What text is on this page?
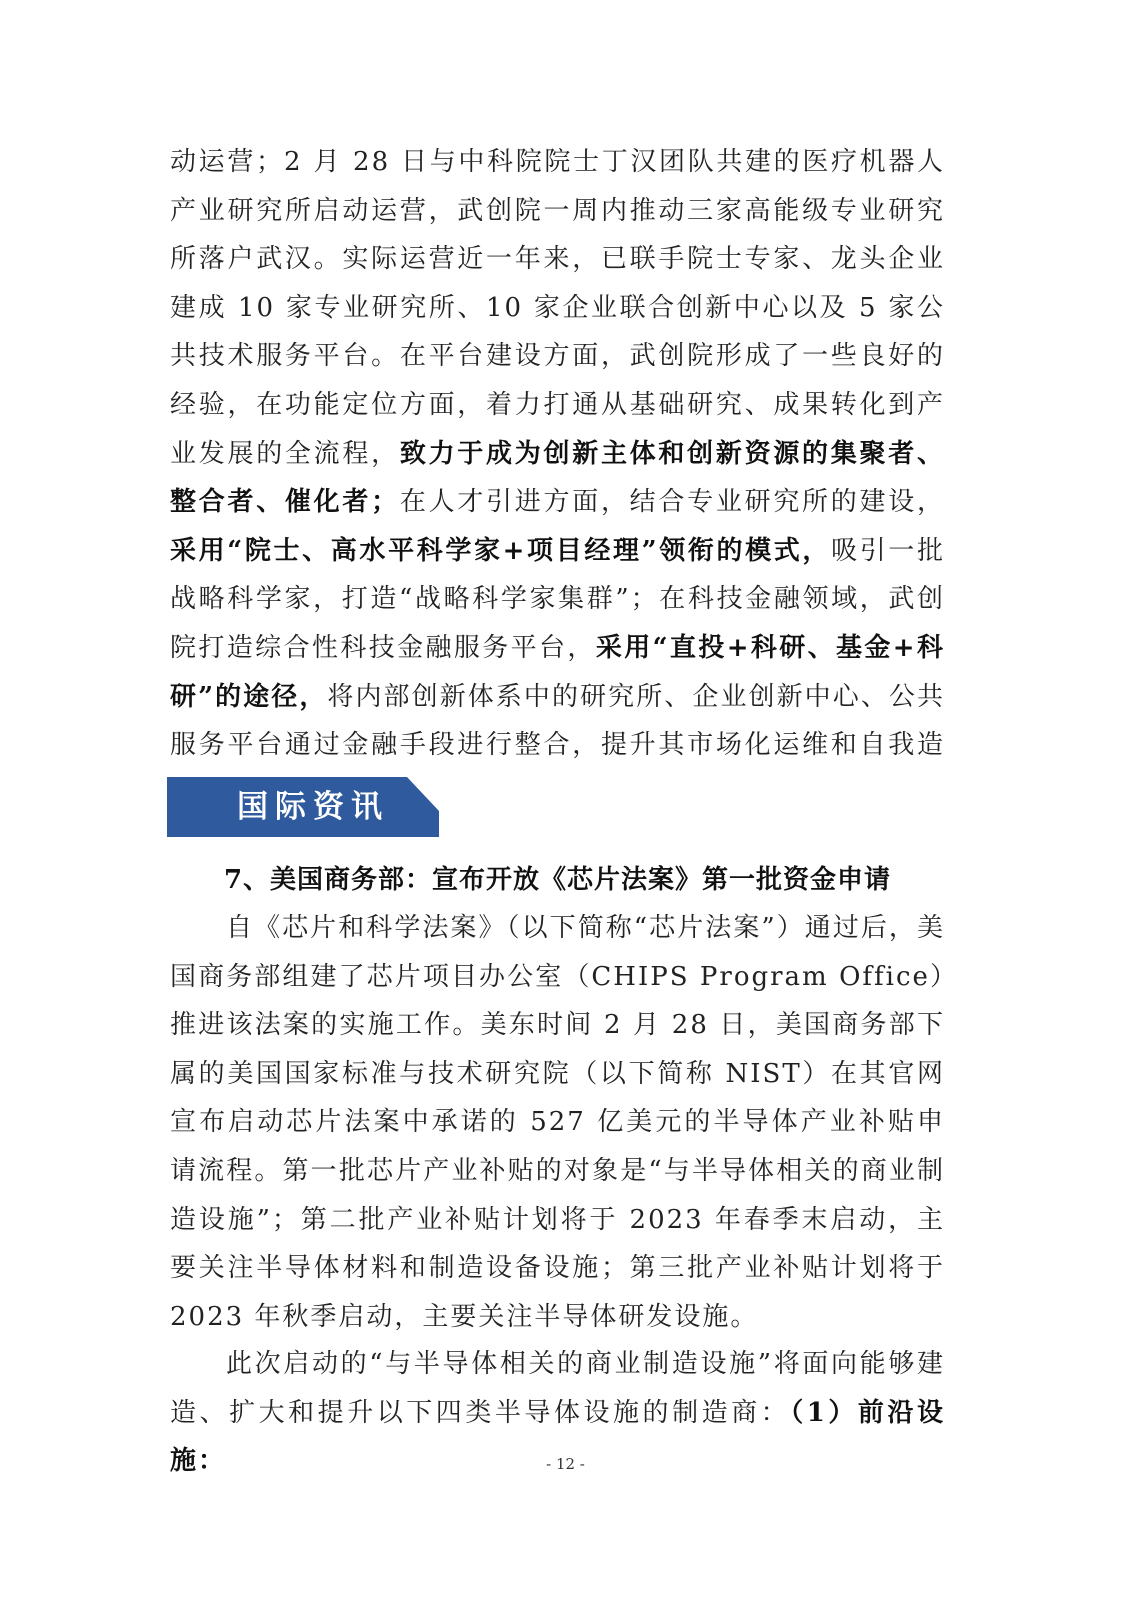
动运营；2 月 28 日与中科院院士丁汉团队共建的医疗机器人产业研究所启动运营，武创院一周内推动三家高能级专业研究所落户武汉。实际运营近一年来，已联手院士专家、龙头企业建成 10 家专业研究所、10 家企业联合创新中心以及 5 家公共技术服务平台。在平台建设方面，武创院形成了一些良好的经验，在功能定位方面，着力打通从基础研究、成果转化到产业发展的全流程，致力于成为创新主体和创新资源的集聚者、整合者、催化者；在人才引进方面，结合专业研究所的建设，采用“院士、高水平科学家+项目经理”领衔的模式，吸引一批战略科学家，打造“战略科学家集群”；在科技金融领域，武创院打造综合性科技金融服务平台，采用“直投+科研、基金+科研”的途径，将内部创新体系中的研究所、企业创新中心、公共服务平台通过金融手段进行整合，提升其市场化运维和自我造

国际资讯
7、美国商务部：宣布开放《芯片法案》第一批资金申请

自《芯片和科学法案》（以下简称“芯片法案”）通过后，美国商务部组建了芯片项目办公室（CHIPS Program Office）推进该法案的实施工作。美东时间 2 月 28 日，美国商务部下属的美国国家标准与技术研究院（以下简称 NIST）在其官网宣布启动芯片法案中承诺的 527 亿美元的半导体产业补贴申请流程。第一批芯片产业补贴的对象是“与半导体相关的商业制造设施”；第二批产业补贴计划将于 2023 年春季末启动，主要关注半导体材料和制造设备设施；第三批产业补贴计划将于 2023 年秋季启动，主要关注半导体研发设施。

此次启动的“与半导体相关的商业制造设施”将面向能够建造、扩大和提升以下四类半导体设施的制造商：（1）前沿设施：	- 12 -
